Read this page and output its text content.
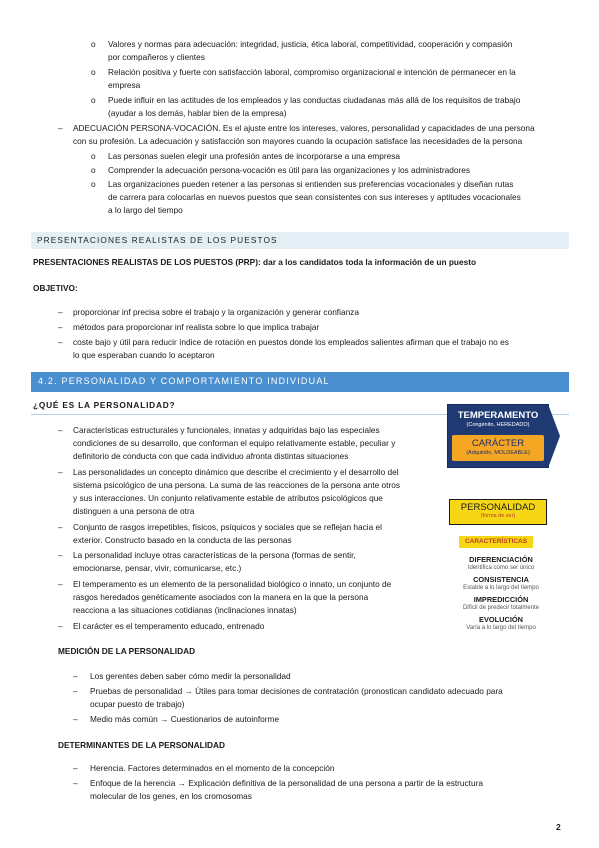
o Valores y normas para adecuación: integridad, justicia, ética laboral, competitividad, cooperación y compasión
por compañeros y clientes
o Relación positiva y fuerte con satisfacción laboral, compromiso organizacional e intención de permanecer en la
empresa
o Puede influir en las actitudes de los empleados y las conductas ciudadanas más allá de los requisitos de trabajo
(ayudar a los demás, hablar bien de la empresa)
– ADECUACIÓN PERSONA-VOCACIÓN. Es el ajuste entre los intereses, valores, personalidad y capacidades de una persona
con su profesión. La adecuación y satisfacción son mayores cuando la ocupación satisface las necesidades de la persona
o Las personas suelen elegir una profesión antes de incorporarse a una empresa
o Comprender la adecuación persona-vocación es útil para las organizaciones y los administradores
o Las organizaciones pueden retener a las personas si entienden sus preferencias vocacionales y diseñan rutas
de carrera para colocarlas en nuevos puestos que sean consistentes con sus intereses y aptitudes vocacionales
a lo largo del tiempo
PRESENTACIONES REALISTAS DE LOS PUESTOS
PRESENTACIONES REALISTAS DE LOS PUESTOS (PRP): dar a los candidatos toda la información de un puesto
OBJETIVO:
– proporcionar inf precisa sobre el trabajo y la organización y generar confianza
– métodos para proporcionar inf realista sobre lo que implica trabajar
– coste bajo y útil para reducir índice de rotación en puestos donde los empleados salientes afirman que el trabajo no es
lo que esperaban cuando lo aceptaron
4.2. PERSONALIDAD Y COMPORTAMIENTO INDIVIDUAL
¿QUÉ ES LA PERSONALIDAD?
– Características estructurales y funcionales, innatas y adquiridas bajo las especiales
condiciones de su desarrollo, que conforman el equipo relativamente estable, peculiar y
definitorio de conducta con que cada individuo afronta distintas situaciones
– Las personalidades un concepto dinámico que describe el crecimiento y el desarrollo del
sistema psicológico de una persona. La suma de las reacciones de la persona ante otros
y sus interacciones. Un conjunto relativamente estable de atributos psicológicos que
distinguen a una persona de otra
– Conjunto de rasgos irrepetibles, físicos, psíquicos y sociales que se reflejan hacia el
exterior. Constructo basado en la conducta de las personas
– La personalidad incluye otras características de la persona (formas de sentir,
emocionarse, pensar, vivir, comunicarse, etc.)
– El temperamento es un elemento de la personalidad biológico o innato, un conjunto de
rasgos heredados genéticamente asociados con la manera en la que la persona
reacciona a las situaciones cotidianas (inclinaciones innatas)
– El carácter es el temperamento educado, entrenado
TEMPERAMENTO
(Congénito, HEREDADO)
CARÁCTER
(Adquirido, MOLDEABLE)
PERSONALIDAD
(forma de ser)
CARACTERÍSTICAS
DIFERENCIACIÓN
Identifica como ser único
CONSISTENCIA
Estable a lo largo del tiempo
IMPREDICCIÓN
Difícil de predecir totalmente
EVOLUCIÓN
Varía a lo largo del tiempo
MEDICIÓN DE LA PERSONALIDAD
– Los gerentes deben saber cómo medir la personalidad
– Pruebas de personalidad → Útiles para tomar decisiones de contratación (pronostican candidato adecuado para
ocupar puesto de trabajo)
– Medio más común → Cuestionarios de autoinforme
DETERMINANTES DE LA PERSONALIDAD
– Herencia. Factores determinados en el momento de la concepción
– Enfoque de la herencia → Explicación definitiva de la personalidad de una persona a partir de la estructura
molecular de los genes, en los cromosomas
2
